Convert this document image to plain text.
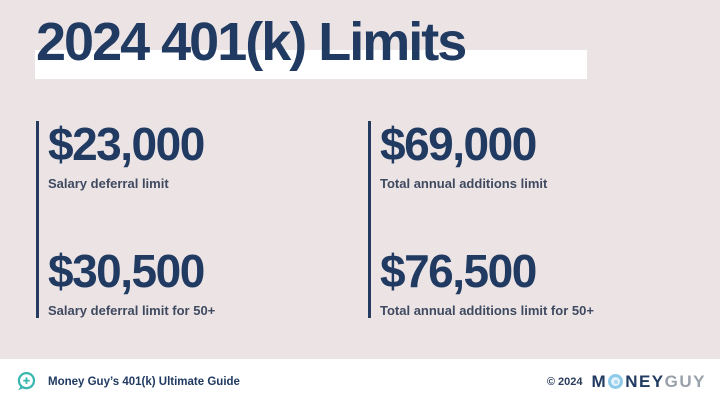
2024 401(k) Limits
$23,000
Salary deferral limit
$30,500
Salary deferral limit for 50+
$69,000
Total annual additions limit
$76,500
Total annual additions limit for 50+
Money Guy’s 401(k) Ultimate Guide	© 2024 M NEY GUY
